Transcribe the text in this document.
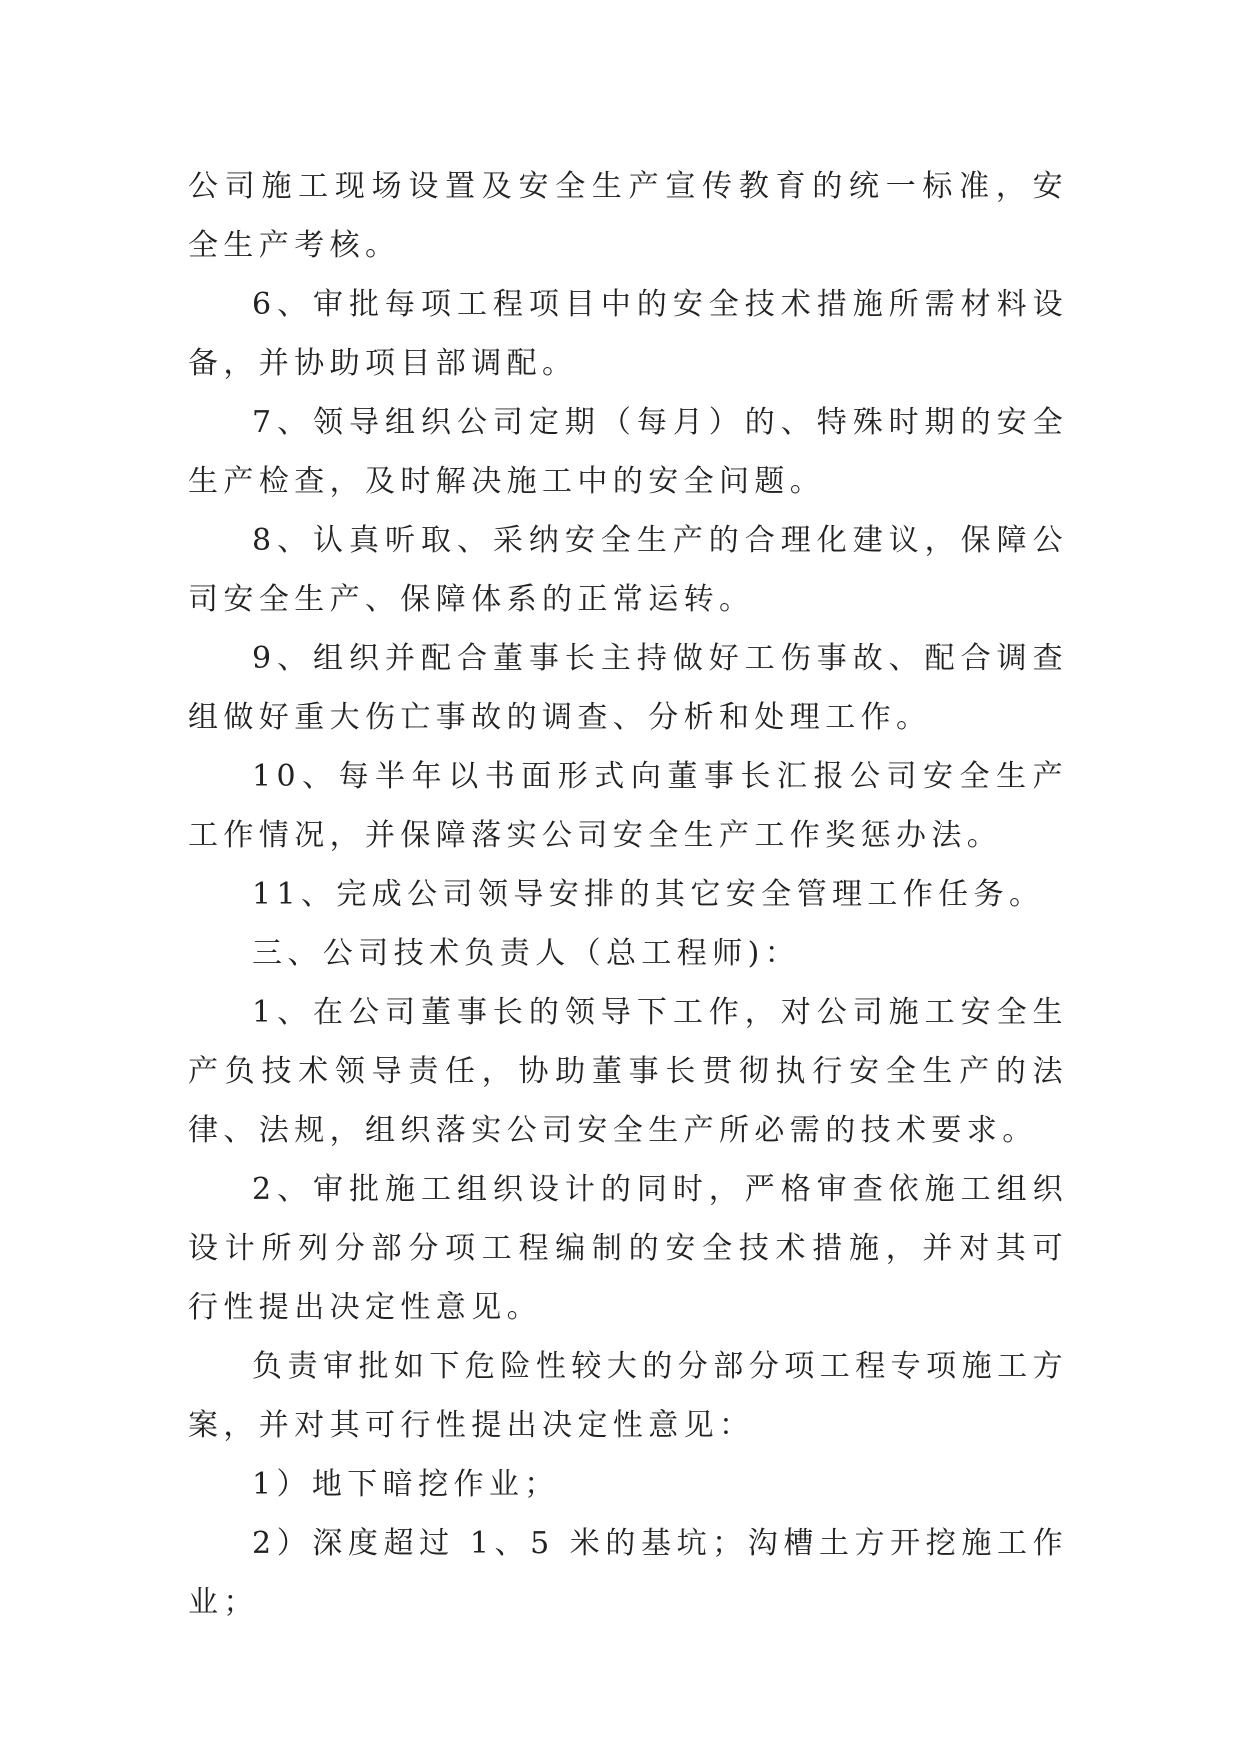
公司施工现场设置及安全生产宣传教育的统一标准，安全生产考核。

6、审批每项工程项目中的安全技术措施所需材料设备，并协助项目部调配。

7、领导组织公司定期（每月）的、特殊时期的安全生产检查，及时解决施工中的安全问题。

8、认真听取、采纳安全生产的合理化建议，保障公司安全生产、保障体系的正常运转。

9、组织并配合董事长主持做好工伤事故、配合调查组做好重大伤亡事故的调查、分析和处理工作。

10、每半年以书面形式向董事长汇报公司安全生产工作情况，并保障落实公司安全生产工作奖惩办法。

11、完成公司领导安排的其它安全管理工作任务。

三、公司技术负责人（总工程师)：

1、在公司董事长的领导下工作，对公司施工安全生产负技术领导责任，协助董事长贯彻执行安全生产的法律、法规，组织落实公司安全生产所必需的技术要求。

2、审批施工组织设计的同时，严格审查依施工组织设计所列分部分项工程编制的安全技术措施，并对其可行性提出决定性意见。

负责审批如下危险性较大的分部分项工程专项施工方案，并对其可行性提出决定性意见：

1）地下暗挖作业；

2）深度超过 1、5 米的基坑；沟槽土方开挖施工作业；
